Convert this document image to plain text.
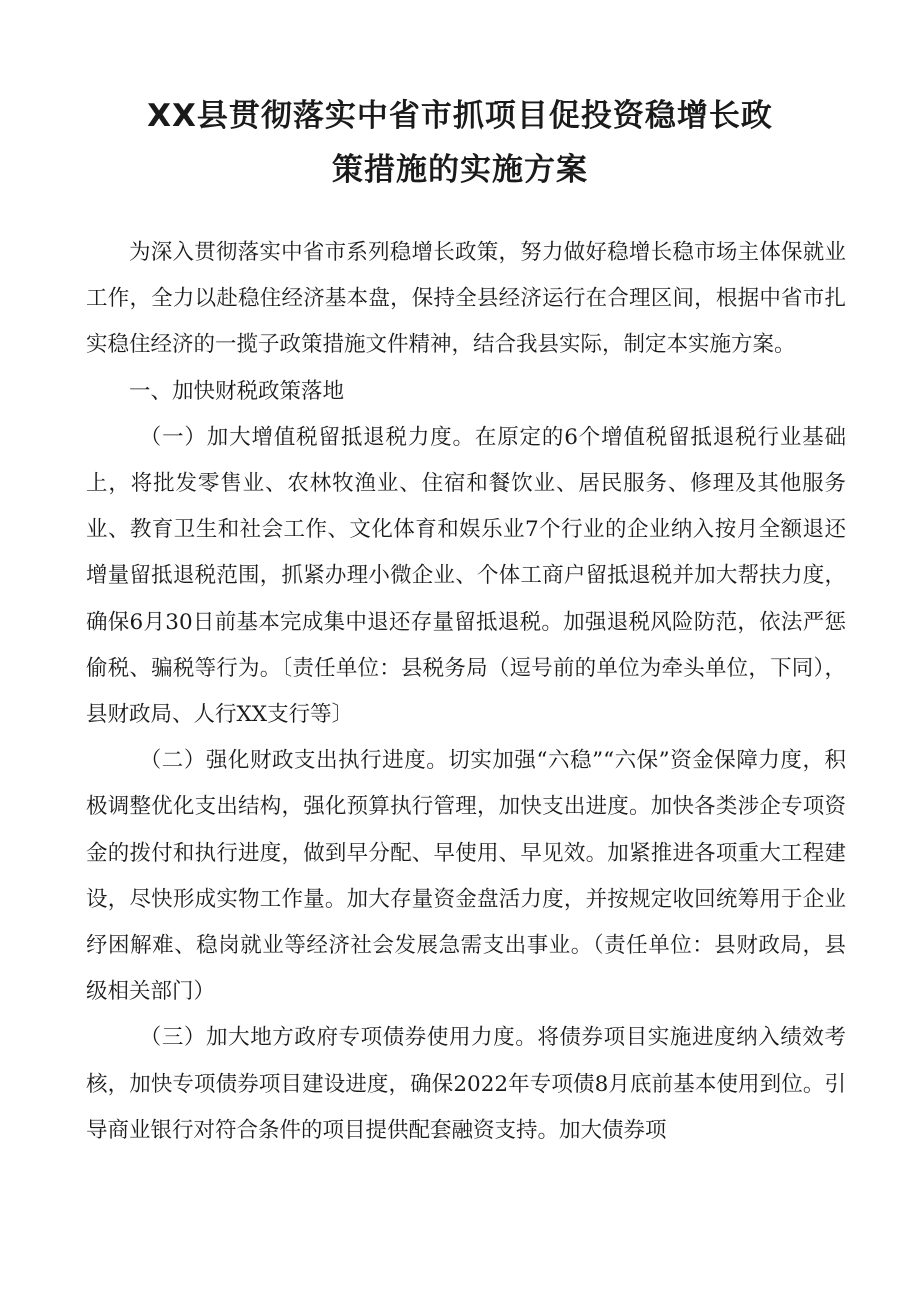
XX县贯彻落实中省市抓项目促投资稳增长政
策措施的实施方案

为深入贯彻落实中省市系列稳增长政策，努力做好稳增长稳市场主体保就业工作，全力以赴稳住经济基本盘，保持全县经济运行在合理区间，根据中省市扎实稳住经济的一揽子政策措施文件精神，结合我县实际，制定本实施方案。

一、加快财税政策落地

（一）加大增值税留抵退税力度。在原定的6个增值税留抵退税行业基础上，将批发零售业、农林牧渔业、住宿和餐饮业、居民服务、修理及其他服务业、教育卫生和社会工作、文化体育和娱乐业7个行业的企业纳入按月全额退还增量留抵退税范围，抓紧办理小微企业、个体工商户留抵退税并加大帮扶力度，确保6月30日前基本完成集中退还存量留抵退税。加强退税风险防范，依法严惩偷税、骗税等行为。〔责任单位：县税务局（逗号前的单位为牵头单位，下同），县财政局、人行XX支行等〕

（二）强化财政支出执行进度。切实加强“六稳”“六保”资金保障力度，积极调整优化支出结构，强化预算执行管理，加快支出进度。加快各类涉企专项资金的拨付和执行进度，做到早分配、早使用、早见效。加紧推进各项重大工程建设，尽快形成实物工作量。加大存量资金盘活力度，并按规定收回统筹用于企业纾困解难、稳岗就业等经济社会发展急需支出事业。（责任单位：县财政局，县级相关部门）

（三）加大地方政府专项债券使用力度。将债券项目实施进度纳入绩效考核，加快专项债券项目建设进度，确保2022年专项债8月底前基本使用到位。引导商业银行对符合条件的项目提供配套融资支持。加大债券项
